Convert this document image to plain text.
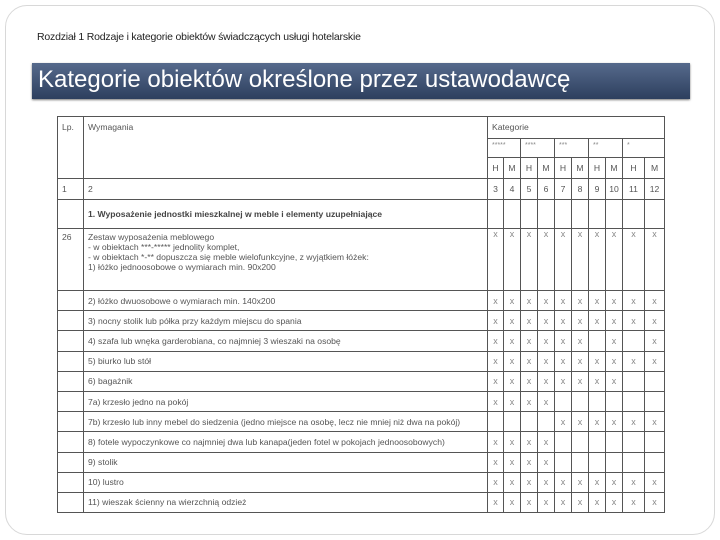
Rozdział 1 Rodzaje i kategorie obiektów świadczących usługi hotelarskie
Kategorie obiektów określone przez ustawodawcę
Lp.	Wymagania	Kategorie									
		*****		****		***		**		*	
		H	M	H	M	H	M	H	M	H	M
1	2	3	4	5	6	7	8	9	10	11	12
	1. Wyposażenie jednostki mieszkalnej w meble i elementy uzupełniające										
26	Zestaw wyposażenia meblowego
- w obiektach ***-***** jednolity komplet,
- w obiektach *-** dopuszcza się meble wielofunkcyjne, z wyjątkiem łóżek:
1) łóżko jednoosobowe o wymiarach min. 90x200	x	x	x	x	x	x	x	x	x	x
	2) łóżko dwuosobowe o wymiarach min. 140x200	x	x	x	x	x	x	x	x	x	x
	3) nocny stolik lub półka przy każdym miejscu do spania	x	x	x	x	x	x	x	x	x	x
	4) szafa lub wnęka garderobiana, co najmniej 3 wieszaki na osobę	x	x	x	x	x	x		x		x
	5) biurko lub stół	x	x	x	x	x	x	x	x	x	x
	6) bagażnik	x	x	x	x	x	x	x	x		
	7a) krzesło jedno na pokój	x	x	x	x						
	7b) krzesło lub inny mebel do siedzenia (jedno miejsce na osobę, lecz nie mniej niż dwa na pokój)					x	x	x	x	x	x
	8) fotele wypoczynkowe co najmniej dwa lub kanapa(jeden fotel w pokojach jednoosobowych)	x	x	x	x						
	9) stolik	x	x	x	x						
	10) lustro	x	x	x	x	x	x	x	x	x	x
	11) wieszak ścienny na wierzchnią odzież	x	x	x	x	x	x	x	x	x	x
